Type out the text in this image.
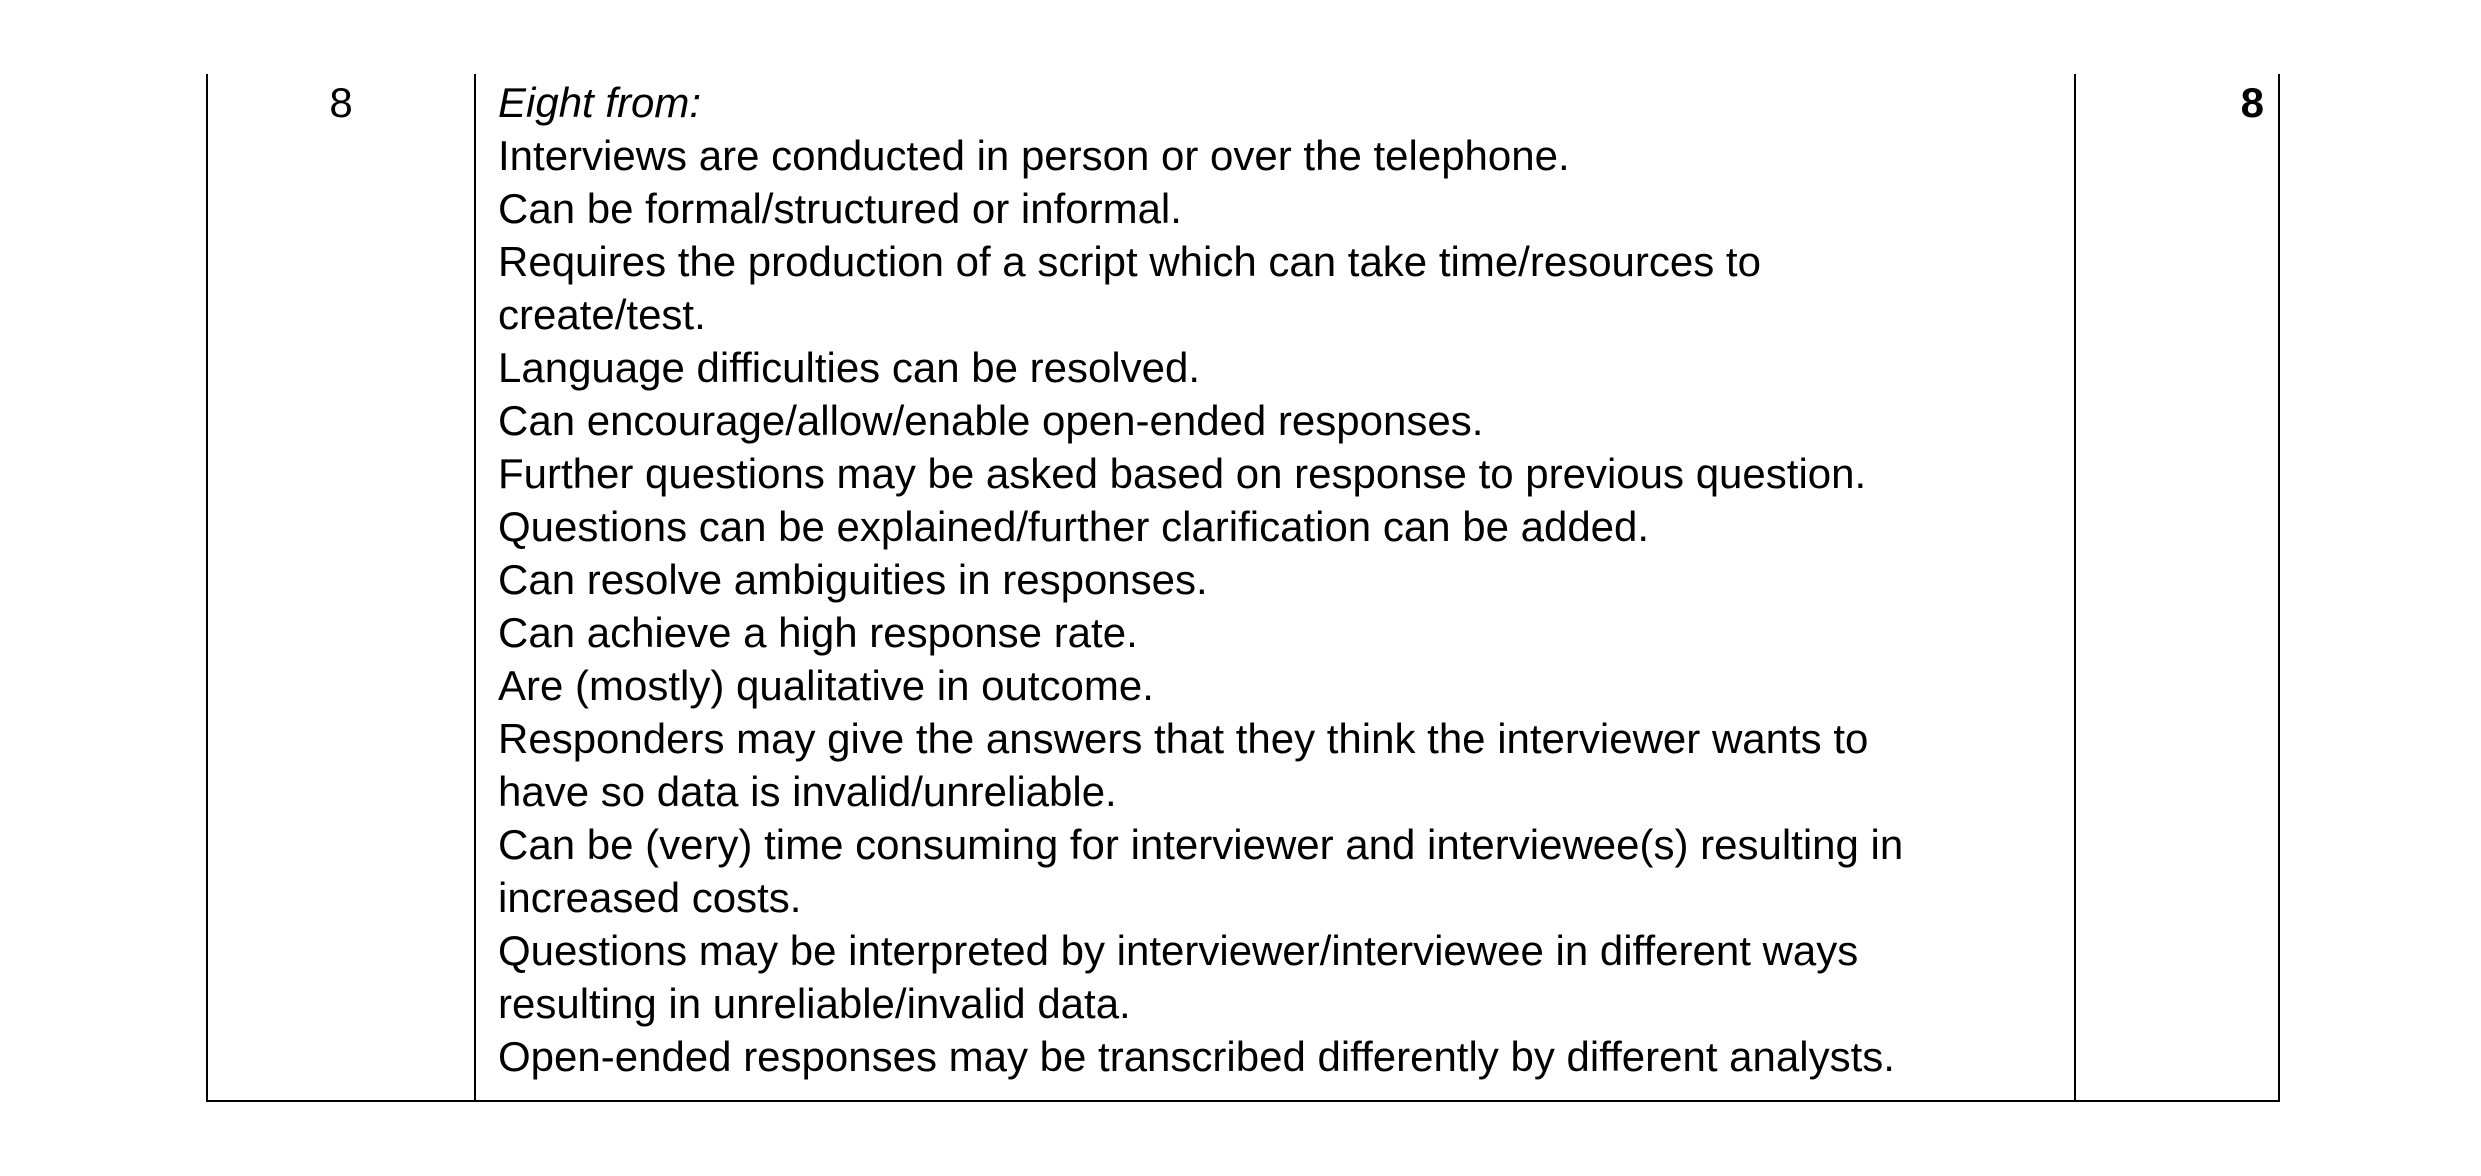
8	Eight from:
Interviews are conducted in person or over the telephone.
Can be formal/structured or informal.
Requires the production of a script which can take time/resources to
create/test.
Language difficulties can be resolved.
Can encourage/allow/enable open-ended responses.
Further questions may be asked based on response to previous question.
Questions can be explained/further clarification can be added.
Can resolve ambiguities in responses.
Can achieve a high response rate.
Are (mostly) qualitative in outcome.
Responders may give the answers that they think the interviewer wants to
have so data is invalid/unreliable.
Can be (very) time consuming for interviewer and interviewee(s) resulting in
increased costs.
Questions may be interpreted by interviewer/interviewee in different ways
resulting in unreliable/invalid data.
Open-ended responses may be transcribed differently by different analysts.
8
